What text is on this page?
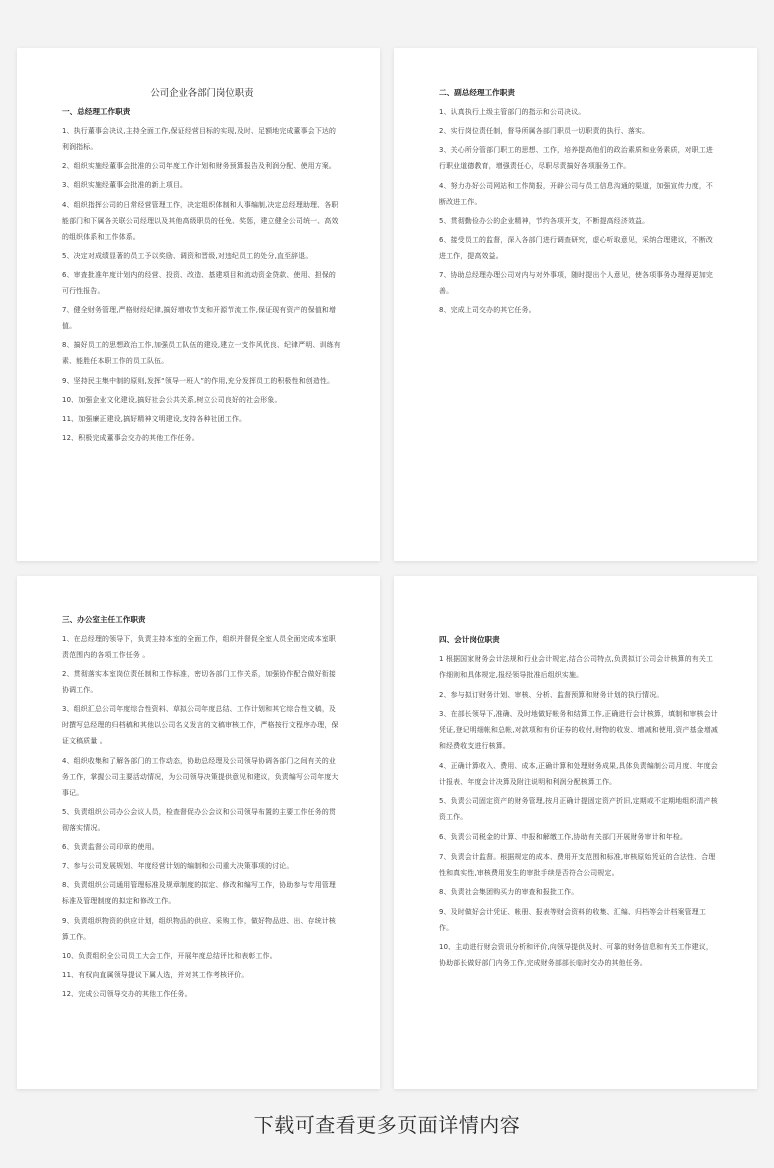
公司企业各部门岗位职责
一、总经理工作职责
1、执行董事会决议,主持全面工作,保证经营目标的实现,及时、足额地完成董事会下达的利润指标。
2、组织实施经董事会批准的公司年度工作计划和财务预算报告及利润分配、使用方案。
3、组织实施经董事会批准的新上项目。
4、组织指挥公司的日常经营管理工作，决定组织体制和人事编制,决定总经理助理、各职能部门和下属各关联公司经理以及其他高级职员的任免、奖惩，建立健全公司统一、高效的组织体系和工作体系。
5、决定对成绩显著的员工予以奖励、调资和晋级,对违纪员工的处分,直至辞退。
6、审查批准年度计划内的经营、投资、改造、基建项目和流动资金贷款、使用、担保的可行性报告。
7、健全财务管理,严格财经纪律,搞好增收节支和开源节流工作,保证现有资产的保值和增值。
8、搞好员工的思想政治工作,加强员工队伍的建设,建立一支作风优良、纪律严明、训练有素、能胜任本职工作的员工队伍。
9、坚持民主集中制的原则,发挥“领导一班人”的作用,充分发挥员工的积极性和创造性。
10、加强企业文化建设,搞好社会公共关系,树立公司良好的社会形象。
11、加强廉正建设,搞好精神文明建设,支持各种社团工作。
12、积极完成董事会交办的其他工作任务。
二、副总经理工作职责
1、认真执行上级主管部门的指示和公司决议。
2、实行岗位责任制，督导所属各部门职员一切职责的执行、落实。
3、关心所分管部门职工的思想、工作，培养提高他们的政治素质和业务素质，对职工进行职业道德教育，增强责任心，尽职尽责搞好各项服务工作。
4、努力办好公司网站和工作简报，开辟公司与员工信息沟通的渠道，加强宣传力度，不断改进工作。
5、贯彻勤俭办公的企业精神，节约各项开支，不断提高经济效益。
6、接受员工的监督，深入各部门进行调查研究，虚心听取意见，采纳合理建议，不断改进工作，提高效益。
7、协助总经理办理公司对内与对外事项，随时提出个人意见，使各项事务办理得更加完善。
8、完成上司交办的其它任务。
三、办公室主任工作职责
1、在总经理的领导下，负责主持本室的全面工作，组织并督促全室人员全面完成本室职责范围内的各项工作任务 。
2、贯彻落实本室岗位责任制和工作标准，密切各部门工作关系，加强协作配合做好衔接协调工作。
3、组织汇总公司年度综合性资料、草拟公司年度总结、工作计划和其它综合性文稿，及时撰写总经理的归档稿和其他以公司名义发言的文稿审核工作，严格按行文程序办理，保证文稿质量 。
4、组织收集和了解各部门的工作动态，协助总经理及公司领导协调各部门之间有关的业务工作，掌握公司主要活动情况，为公司领导决策提供意见和建议，负责编写公司年度大事记。
5、负责组织公司办公会议人员，检查督促办公会议和公司领导布置的主要工作任务的贯彻落实情况。
6、负责监督公司印章的使用。
7、参与公司发展规划、年度经营计划的编制和公司重大决策事项的讨论。
8、负责组织公司通用管理标准及规章制度的拟定、修改和编写工作，协助参与专用管理标准及管理制度的拟定和修改工作。
9、负责组织物资的供应计划，组织物品的供应、采购工作，做好物品进、出、存统计核算工作。
10、负责组织全公司员工大会工作，开展年度总结评比和表彰工作。
11、有权向直属领导提议下属人选，并对其工作考核评价。
12、完成公司领导交办的其他工作任务。
四、会计岗位职责
1 根据国家财务会计法规和行业会计规定,结合公司特点,负责拟订公司会计核算的有关工作细则和具体规定,报经领导批准后组织实施。
2、参与拟订财务计划、审核、分析、监督预算和财务计划的执行情况。
3、在部长领导下,准确、及时地做好帐务和结算工作,正确进行会计核算，填制和审核会计凭证,登记明细帐和总帐,对款项和有价证券的收付,财物的收发、增减和使用,资产基金增减和经费收支进行核算。
4、正确计算收入、费用、成本,正确计算和处理财务成果,具体负责编制公司月度、年度会计报表、年度会计决算及附注说明和利润分配核算工作。
5、负责公司固定资产的财务管理,按月正确计提固定资产折旧,定期或不定期地组织清产核资工作。
6、负责公司税金的计算、申报和解缴工作,协助有关部门开展财务审计和年检。
7、负责会计监督。根据规定的成本、费用开支范围和标准,审核原始凭证的合法性、合理性和真实性,审核费用发生的审批手续是否符合公司规定。
8、负责社会集团购买力的审查和报批工作。
9、及时做好会计凭证、帐册、报表等财会资料的收集、汇编、归档等会计档案管理工作。
10、主动进行财会资讯分析和评价,向领导提供及时、可靠的财务信息和有关工作建议， 协助部长做好部门内务工作,完成财务部部长临时交办的其他任务。
下载可查看更多页面详情内容
